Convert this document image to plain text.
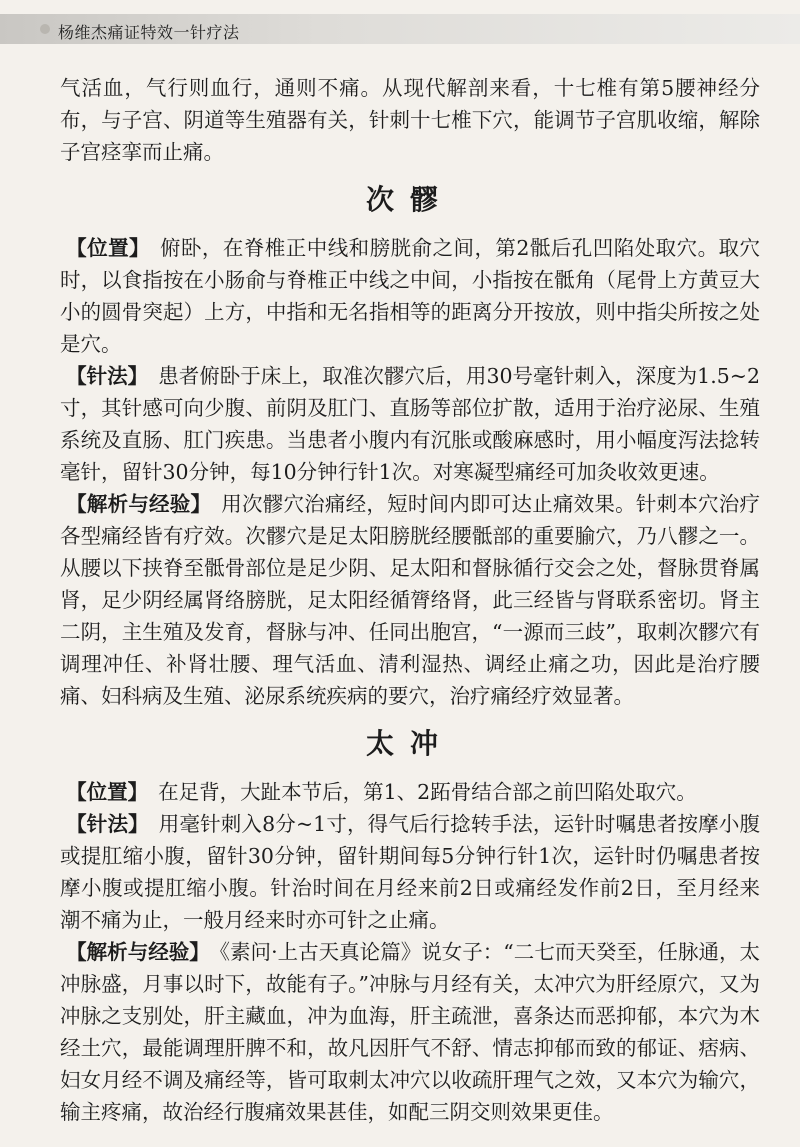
杨维杰痛证特效一针疗法

气活血，气行则血行，通则不痛。从现代解剖来看，十七椎有第5腰神经分布，与子宫、阴道等生殖器有关，针刺十七椎下穴，能调节子宫肌收缩，解除子宫痉挛而止痛。

次髎

【位置】 俯卧，在脊椎正中线和膀胱俞之间，第2骶后孔凹陷处取穴。取穴时，以食指按在小肠俞与脊椎正中线之中间，小指按在骶角（尾骨上方黄豆大小的圆骨突起）上方，中指和无名指相等的距离分开按放，则中指尖所按之处是穴。

【针法】 患者俯卧于床上，取准次髎穴后，用30号毫针刺入，深度为1.5~2寸，其针感可向少腹、前阴及肛门、直肠等部位扩散，适用于治疗泌尿、生殖系统及直肠、肛门疾患。当患者小腹内有沉胀或酸麻感时，用小幅度泻法捻转毫针，留针30分钟，每10分钟行针1次。对寒凝型痛经可加灸收效更速。

【解析与经验】 用次髎穴治痛经，短时间内即可达止痛效果。针刺本穴治疗各型痛经皆有疗效。次髎穴是足太阳膀胱经腰骶部的重要腧穴，乃八髎之一。从腰以下挟脊至骶骨部位是足少阴、足太阳和督脉循行交会之处，督脉贯脊属肾，足少阴经属肾络膀胱，足太阳经循膂络肾，此三经皆与肾联系密切。肾主二阴，主生殖及发育，督脉与冲、任同出胞宫，“一源而三歧”，取刺次髎穴有调理冲任、补肾壮腰、理气活血、清利湿热、调经止痛之功，因此是治疗腰痛、妇科病及生殖、泌尿系统疾病的要穴，治疗痛经疗效显著。

太冲

【位置】 在足背，大趾本节后，第1、2跖骨结合部之前凹陷处取穴。

【针法】 用毫针刺入8分~1寸，得气后行捻转手法，运针时嘱患者按摩小腹或提肛缩小腹，留针30分钟，留针期间每5分钟行针1次，运针时仍嘱患者按摩小腹或提肛缩小腹。针治时间在月经来前2日或痛经发作前2日，至月经来潮不痛为止，一般月经来时亦可针之止痛。

【解析与经验】 《素问·上古天真论篇》说女子：“二七而天癸至，任脉通，太冲脉盛，月事以时下，故能有子。”冲脉与月经有关，太冲穴为肝经原穴，又为冲脉之支别处，肝主藏血，冲为血海，肝主疏泄，喜条达而恶抑郁，本穴为木经土穴，最能调理肝脾不和，故凡因肝气不舒、情志抑郁而致的郁证、痞病、妇女月经不调及痛经等，皆可取刺太冲穴以收疏肝理气之效，又本穴为输穴，输主疼痛，故治经行腹痛效果甚佳，如配三阴交则效果更佳。
